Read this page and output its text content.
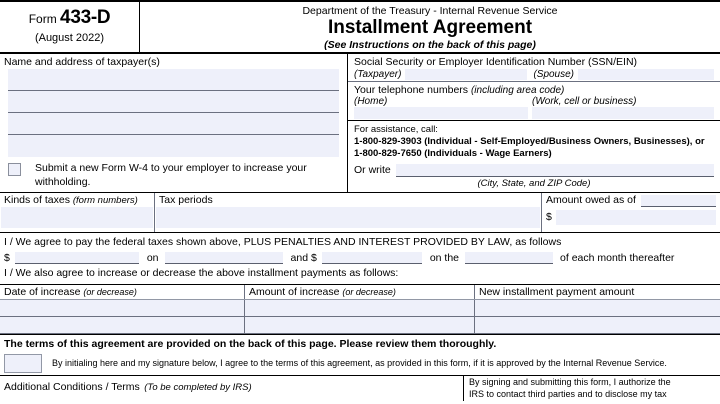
Form 433-D
(August 2022)
Department of the Treasury - Internal Revenue Service
Installment Agreement
(See Instructions on the back of this page)
Name and address of taxpayer(s)
Submit a new Form W-4 to your employer to increase your withholding.
Social Security or Employer Identification Number (SSN/EIN)
(Taxpayer)	(Spouse)
Your telephone numbers (including area code)
(Home)	(Work, cell or business)
For assistance, call:
1-800-829-3903 (Individual - Self-Employed/Business Owners, Businesses), or
1-800-829-7650 (Individuals - Wage Earners)
Or write
(City, State, and ZIP Code)
Kinds of taxes (form numbers)	Tax periods	Amount owed as of
$
I / We agree to pay the federal taxes shown above, PLUS PENALTIES AND INTEREST PROVIDED BY LAW, as follows
$	on	and $	on the	of each month thereafter
I / We also agree to increase or decrease the above installment payments as follows:
Date of increase (or decrease)	Amount of increase (or decrease)	New installment payment amount
The terms of this agreement are provided on the back of this page. Please review them thoroughly.
By initialing here and my signature below, I agree to the terms of this agreement, as provided in this form, if it is approved by the Internal Revenue Service.
Additional Conditions / Terms (To be completed by IRS)	By signing and submitting this form, I authorize the
IRS to contact third parties and to disclose my tax
